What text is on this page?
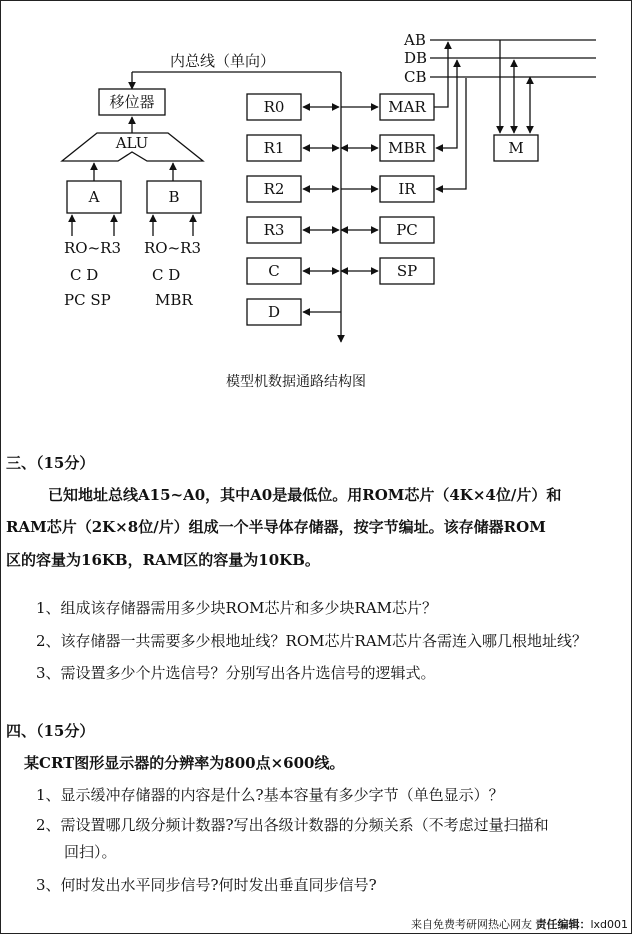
内总线（单向）
移位器
ALU
A	B
RO~R3
C D
PC SP
RO~R3
C D
MBR
R0
R1
R2
R3
C
D
MAR
MBR
IR
PC
SP
AB
DB
CB
M
模型机数据通路结构图
三、（15分）
已知地址总线A15~A0，其中A0是最低位。用ROM芯片（4K×4位/片）和
RAM芯片（2K×8位/片）组成一个半导体存储器，按字节编址。该存储器ROM
区的容量为16KB，RAM区的容量为10KB。
1、组成该存储器需用多少块ROM芯片和多少块RAM芯片？
2、该存储器一共需要多少根地址线？ROM芯片RAM芯片各需连入哪几根地址线？
3、需设置多少个片选信号？分别写出各片选信号的逻辑式。
四、（15分）
某CRT图形显示器的分辨率为800点×600线。
1、显示缓冲存储器的内容是什么?基本容量有多少字节（单色显示）？
2、需设置哪几级分频计数器?写出各级计数器的分频关系（不考虑过量扫描和
回扫）。
3、何时发出水平同步信号?何时发出垂直同步信号?
来自免费考研网热心网友 责任编辑：lxd001
